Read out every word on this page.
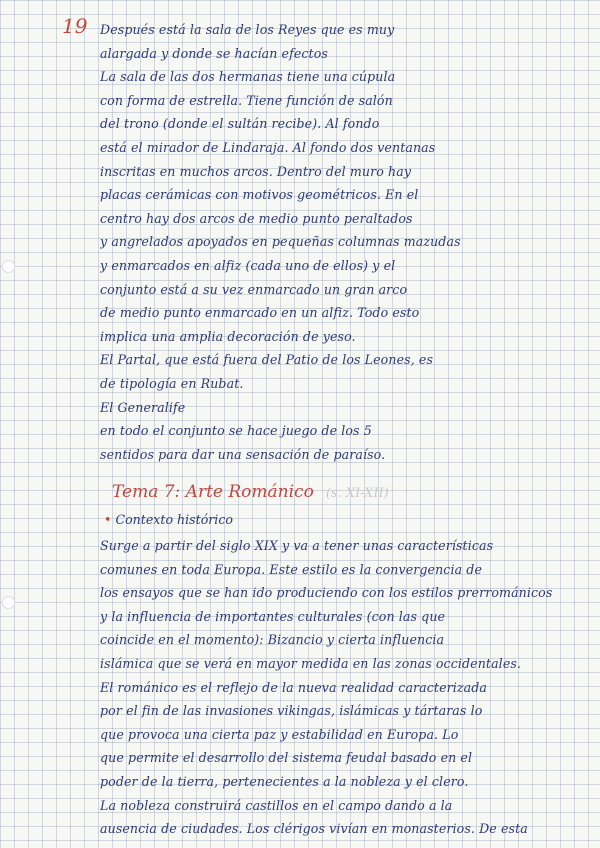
19 Después está la sala de los Reyes que es muy
alargada y donde se hacían efectos
La sala de las dos hermanas tiene una cúpula
con forma de estrella. Tiene función de salón
del trono (donde el sultán recibe). Al fondo
está el mirador de Lindaraja. Al fondo dos ventanas
inscritas en muchos arcos. Dentro del muro hay
placas cerámicas con motivos geométricos. En el
centro hay dos arcos de medio punto peraltados
y angrelados apoyados en pequeñas columnas mazudas
y enmarcados en alfiz (cada uno de ellos) y el
conjunto está a su vez enmarcado un gran arco
de medio punto enmarcado en un alfiz. Todo esto
implica una amplia decoración de yeso.
El Partal, que está fuera del Patio de los Leones, es
de tipología en Rubat.
El Generalife
en todo el conjunto se hace juego de los 5
sentidos para dar una sensación de paraíso.
Tema 7: Arte Románico (s. XI-XII)
• Contexto histórico
Surge a partir del siglo XIX y va a tener unas características
comunes en toda Europa. Este estilo es la convergencia de
los ensayos que se han ido produciendo con los estilos prerrománicos
y la influencia de importantes culturales (con las que
coincide en el momento): Bizancio y cierta influencia
islámica que se verá en mayor medida en las zonas occidentales.
El románico es el reflejo de la nueva realidad caracterizada
por el fin de las invasiones vikingas, islámicas y tártaras lo
que provoca una cierta paz y estabilidad en Europa. Lo
que permite el desarrollo del sistema feudal basado en el
poder de la tierra, pertenecientes a la nobleza y el clero.
La nobleza construirá castillos en el campo dando a la
ausencia de ciudades. Los clérigos vivían en monasterios. De esta
